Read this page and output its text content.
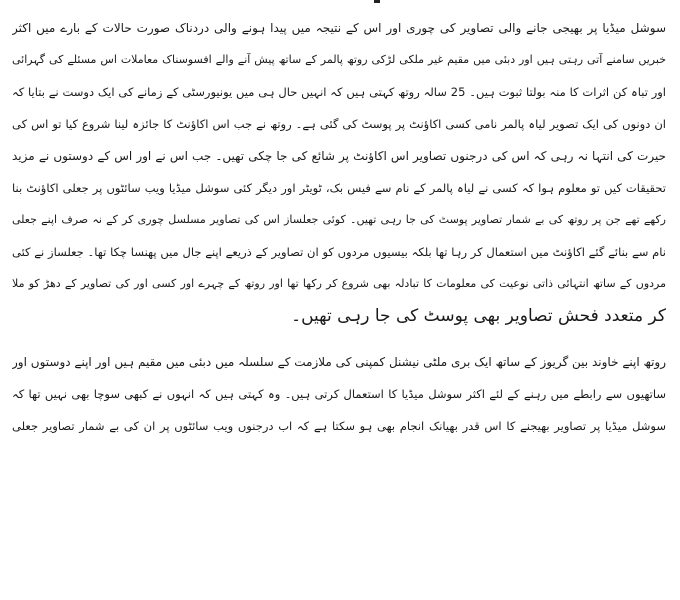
سوشل میڈیا پر بھیجی جانے والی تصاویر کی چوری اور اس کے نتیجہ میں پیدا ہونے والی دردناک صورت حالات کے بارے میں اکثر
خبریں سامنے آتی رہتی ہیں اور دبئی میں مقیم غیر ملکی لڑکی روتھ پالمر کے ساتھ پیش آنے والے افسوسناک معاملات اس مسئلے کی گہرائی
اور تباہ کن اثرات کا منہ بولتا ثبوت ہیں۔ 25 سالہ روتھ کہتی ہیں کہ انہیں حال ہی میں یونیورسٹی کے زمانے کی ایک دوست نے بتایا کہ
ان دونوں کی ایک تصویر لیاہ پالمر نامی کسی اکاﺅنٹ پر پوسٹ کی گئی ہے۔ روتھ نے جب اس اکاﺅنٹ کا جائزہ لینا شروع کیا تو اس کی
حیرت کی انتہا نہ رہی کہ اس کی درجنوں تصاویر اس اکاﺅنٹ پر شائع کی جا چکی تھیں۔ جب اس نے اور اس کے دوستوں نے مزید
تحقیقات کیں تو معلوم ہوا کہ کسی نے لیاہ پالمر کے نام سے فیس بک، ٹویٹر اور دیگر کئی سوشل میڈیا ویب سائٹوں پر جعلی اکاﺅنٹ بنا
رکھے تھے جن پر روتھ کی بے شمار تصاویر پوسٹ کی جا رہی تھیں۔ کوئی جعلساز اس کی تصاویر مسلسل چوری کر کے نہ صرف اپنے جعلی
نام سے بنائے گئے اکاﺅنٹ میں استعمال کر رہا تھا بلکہ بیسیوں مردوں کو ان تصاویر کے ذریعے اپنے جال میں پھنسا چکا تھا۔ جعلساز نے کئی
مردوں کے ساتھ انتہائی ذاتی نوعیت کی معلومات کا تبادلہ بھی شروع کر رکھا تھا اور روتھ کے چہرے اور کسی اور کی تصاویر کے دھڑ کو ملا
کر متعدد فحش تصاویر بھی پوسٹ کی جا رہی تھیں۔
روتھ اپنے خاوند بین گریوز کے ساتھ ایک بری ملٹی نیشنل کمپنی کی ملازمت کے سلسلہ میں دبئی میں مقیم ہیں اور اپنے دوستوں اور
ساتھیوں سے رابطے میں رہنے کے لئے اکثر سوشل میڈیا کا استعمال کرتی ہیں۔ وہ کہتی ہیں کہ انہوں نے کبھی سوچا بھی نہیں تھا کہ
سوشل میڈیا پر تصاویر بھیجنے کا اس قدر بھیانک انجام بھی ہو سکتا ہے کہ اب درجنوں ویب سائٹوں پر ان کی بے شمار تصاویر جعلی
